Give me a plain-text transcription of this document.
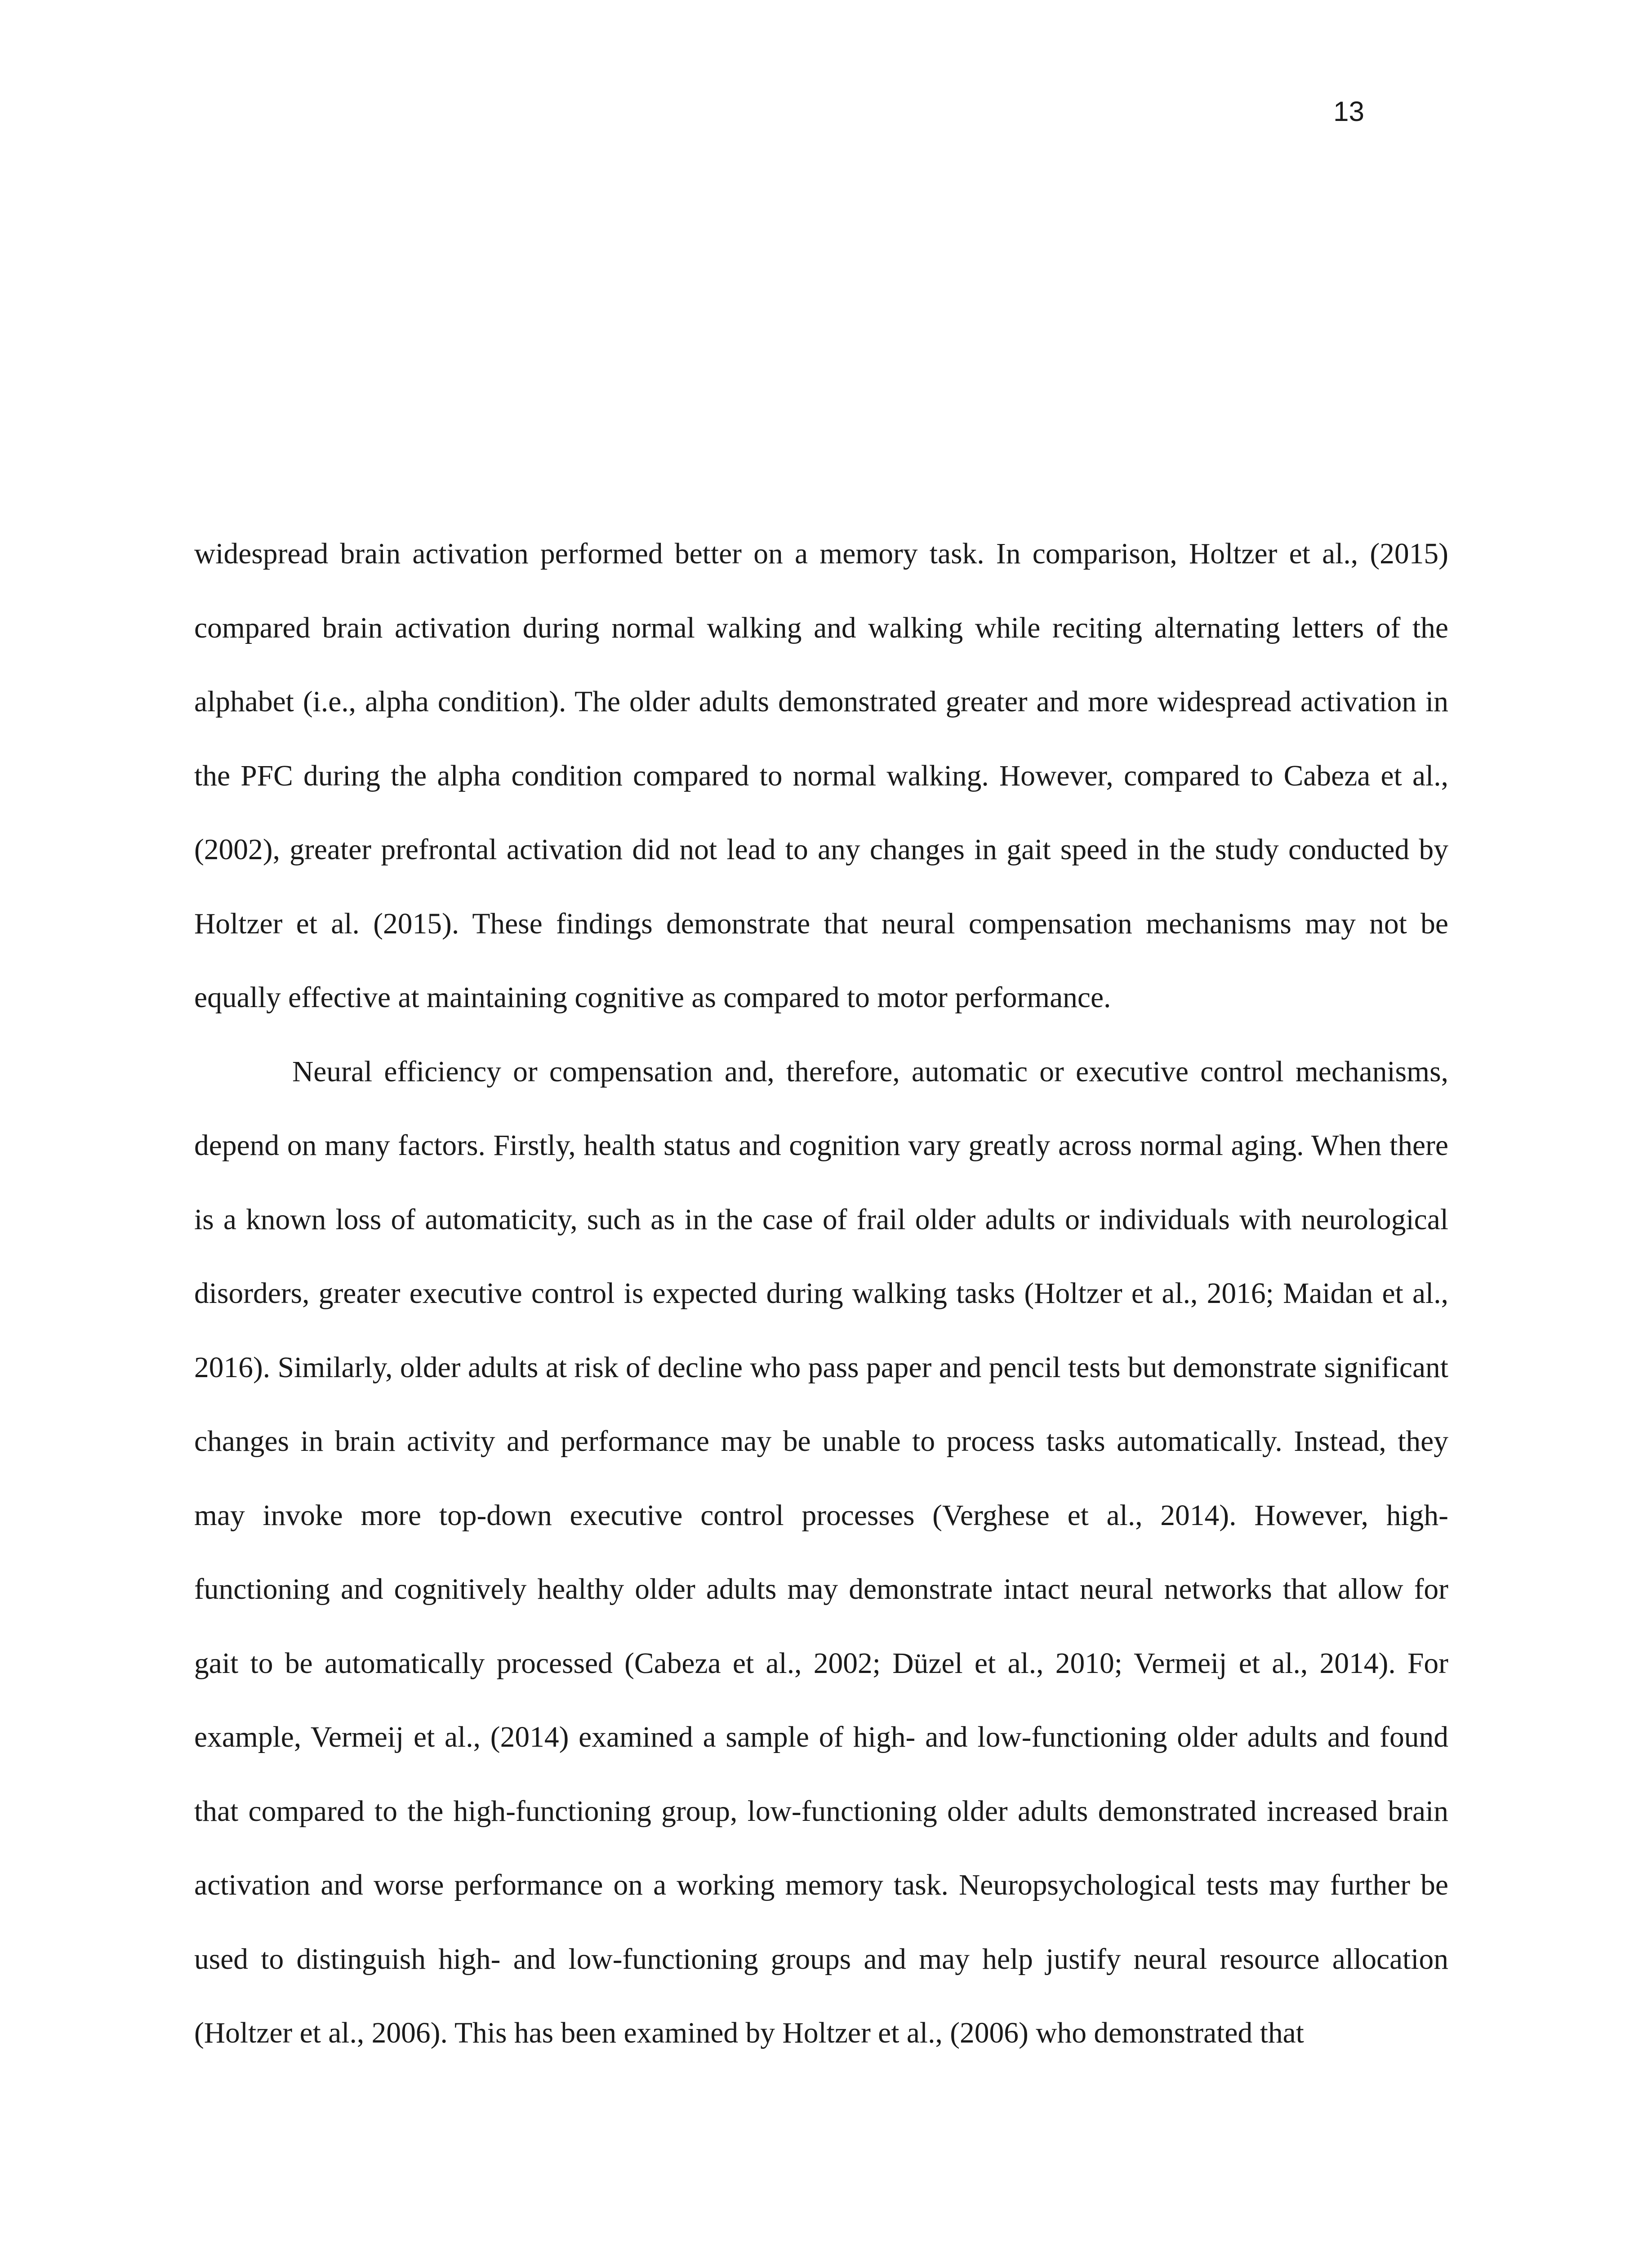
13

widespread brain activation performed better on a memory task. In comparison, Holtzer et al., (2015) compared brain activation during normal walking and walking while reciting alternating letters of the alphabet (i.e., alpha condition). The older adults demonstrated greater and more widespread activation in the PFC during the alpha condition compared to normal walking. However, compared to Cabeza et al., (2002), greater prefrontal activation did not lead to any changes in gait speed in the study conducted by Holtzer et al. (2015). These findings demonstrate that neural compensation mechanisms may not be equally effective at maintaining cognitive as compared to motor performance.

Neural efficiency or compensation and, therefore, automatic or executive control mechanisms, depend on many factors. Firstly, health status and cognition vary greatly across normal aging. When there is a known loss of automaticity, such as in the case of frail older adults or individuals with neurological disorders, greater executive control is expected during walking tasks (Holtzer et al., 2016; Maidan et al., 2016). Similarly, older adults at risk of decline who pass paper and pencil tests but demonstrate significant changes in brain activity and performance may be unable to process tasks automatically. Instead, they may invoke more top-down executive control processes (Verghese et al., 2014). However, high-functioning and cognitively healthy older adults may demonstrate intact neural networks that allow for gait to be automatically processed (Cabeza et al., 2002; Düzel et al., 2010; Vermeij et al., 2014). For example, Vermeij et al., (2014) examined a sample of high- and low-functioning older adults and found that compared to the high-functioning group, low-functioning older adults demonstrated increased brain activation and worse performance on a working memory task. Neuropsychological tests may further be used to distinguish high- and low-functioning groups and may help justify neural resource allocation (Holtzer et al., 2006). This has been examined by Holtzer et al., (2006) who demonstrated that
